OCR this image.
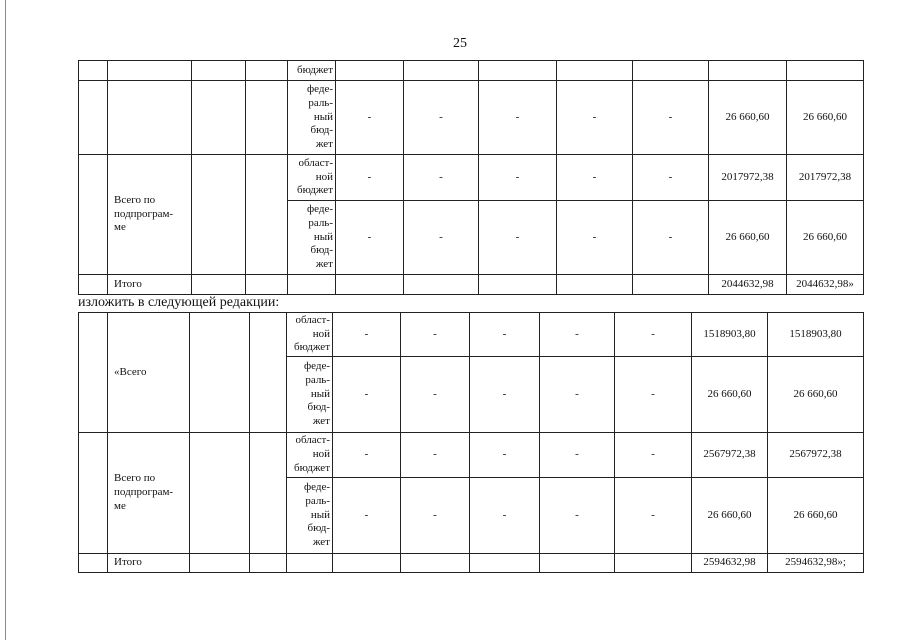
25
				бюджет							
				феде-
раль-
ный
бюд-
жет	-	-	-	-	-	26 660,60	26 660,60
	Всего по
подпрограм-
ме			област-
ной
бюджет	-	-	-	-	-	2017972,38	2017972,38
				феде-
раль-
ный
бюд-
жет	-	-	-	-	-	26 660,60	26 660,60
	Итого									2044632,98	2044632,98»
изложить в следующей редакции:
	«Всего			област-
ной
бюджет	-	-	-	-	-	1518903,80	1518903,80
				феде-
раль-
ный
бюд-
жет	-	-	-	-	-	26 660,60	26 660,60
	Всего по
подпрограм-
ме			област-
ной
бюджет	-	-	-	-	-	2567972,38	2567972,38
				феде-
раль-
ный
бюд-
жет	-	-	-	-	-	26 660,60	26 660,60
	Итого									2594632,98	2594632,98»;
